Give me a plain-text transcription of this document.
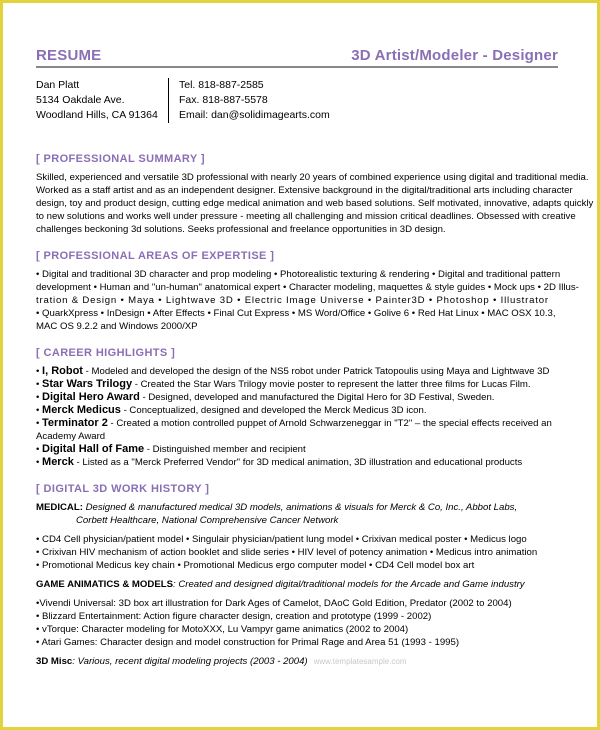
RESUME	3D Artist/Modeler - Designer
Dan Platt
5134 Oakdale Ave.
Woodland Hills, CA 91364
Tel. 818-887-2585
Fax. 818-887-5578
Email: dan@solidimagearts.com
[ PROFESSIONAL SUMMARY ]
Skilled, experienced and versatile 3D professional with nearly 20 years of combined experience using digital and traditional media.
Worked as a staff artist and as an independent designer. Extensive background in the digital/traditional arts including character
design, toy and product design, cutting edge medical animation and web based solutions. Self motivated, innovative, adapts quickly
to new solutions and works well under pressure - meeting all challenging and mission critical deadlines. Obsessed with creative
challenges beckoning 3d solutions. Seeks professional and freelance opportunities in 3D design.
[ PROFESSIONAL AREAS OF EXPERTISE ]
• Digital and traditional 3D character and prop modeling • Photorealistic texturing & rendering • Digital and traditional pattern
development • Human and "un-human" anatomical expert • Character modeling, maquettes & style guides • Mock ups • 2D Illus-
tration & Design • Maya • Lightwave 3D • Electric Image Universe • Painter3D • Photoshop • Illustrator
• QuarkXpress • InDesign • After Effects • Final Cut Express • MS Word/Office • Golive 6 • Red Hat Linux • MAC OSX 10.3,
MAC OS 9.2.2 and Windows 2000/XP
[ CAREER HIGHLIGHTS ]
• I, Robot - Modeled and developed the design of the NS5 robot under Patrick Tatopoulis using Maya and Lightwave 3D
• Star Wars Trilogy - Created the Star Wars Trilogy movie poster to represent the latter three films for Lucas Film.
• Digital Hero Award - Designed, developed and manufactured the Digital Hero for 3D Festival, Sweden.
• Merck Medicus - Conceptualized, designed and developed the Merck Medicus 3D icon.
• Terminator 2 - Created a motion controlled puppet of Arnold Schwarzeneggar in "T2" – the special effects received an
Academy Award
• Digital Hall of Fame - Distinguished member and recipient
• Merck - Listed as a "Merck Preferred Vendor" for 3D medical animation, 3D illustration and educational products
[ DIGITAL 3D WORK HISTORY ]
MEDICAL: Designed & manufactured medical 3D models, animations & visuals for Merck & Co, Inc., Abbot Labs,
Corbett Healthcare, National Comprehensive Cancer Network
• CD4 Cell physician/patient model • Singulair physician/patient lung model • Crixivan medical poster • Medicus logo
• Crixivan HIV mechanism of action booklet and slide series • HIV level of potency animation • Medicus intro animation
• Promotional Medicus key chain • Promotional Medicus ergo computer model • CD4 Cell model box art
GAME ANIMATICS & MODELS: Created and designed digital/traditional models for the Arcade and Game industry
•Vivendi Universal: 3D box art illustration for Dark Ages of Camelot, DAoC Gold Edition, Predator (2002 to 2004)
• Blizzard Entertainment: Action figure character design, creation and prototype (1999 - 2002)
• vTorque: Character modeling for MotoXXX, Lu Vampyr game animatics (2002 to 2004)
• Atari Games: Character design and model construction for Primal Rage and Area 51 (1993 - 1995)
3D Misc: Various, recent digital modeling projects (2003 - 2004) www.templatesample.com
